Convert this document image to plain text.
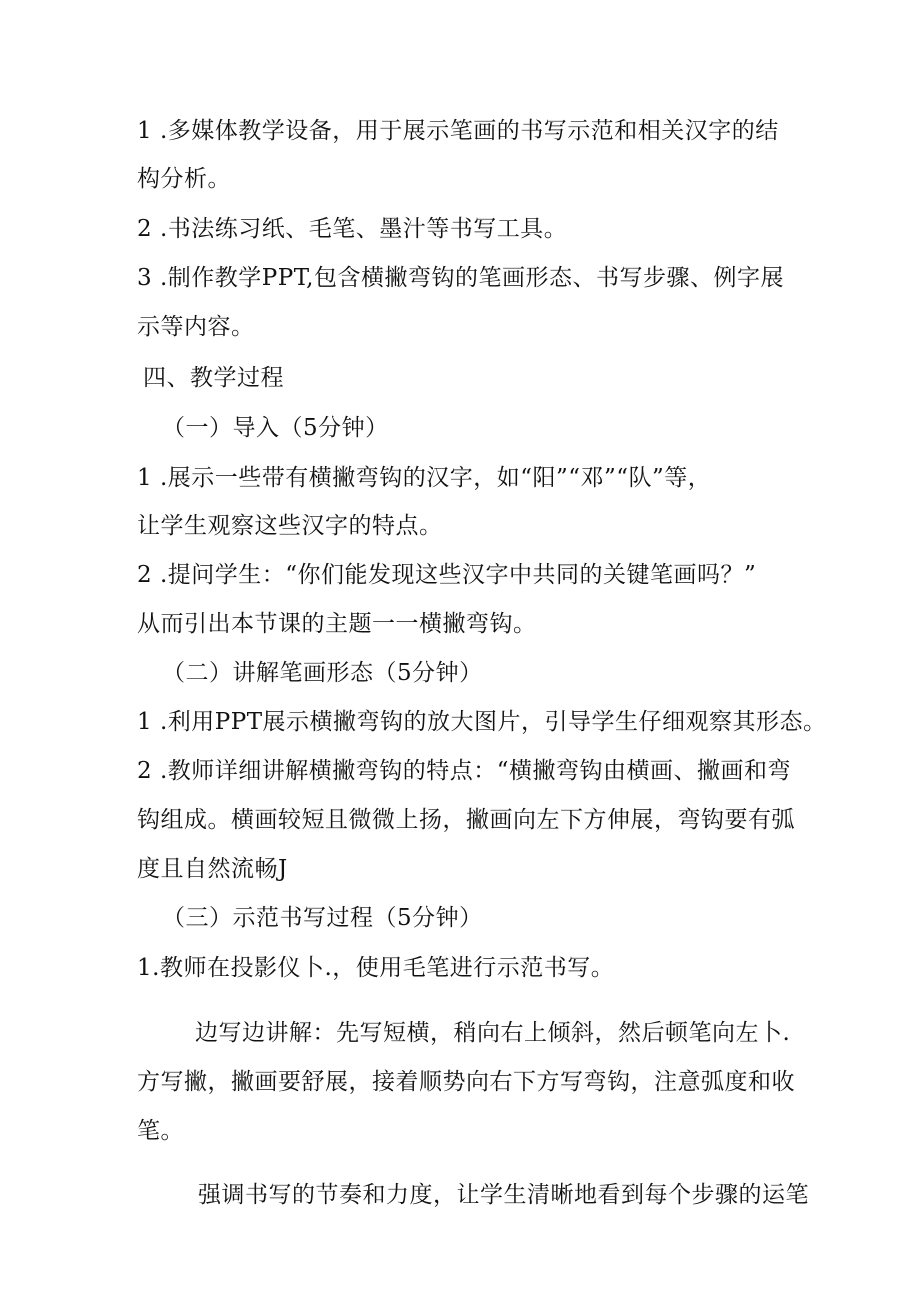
1 .多媒体教学设备，用于展示笔画的书写示范和相关汉字的结
构分析。
2 .书法练习纸、毛笔、墨汁等书写工具。
3 .制作教学PPT,包含横撇弯钩的笔画形态、书写步骤、例字展
示等内容。
四、教学过程
（一）导入（5分钟）
1 .展示一些带有横撇弯钩的汉字，如“阳”“邓”“队”等，
让学生观察这些汉字的特点。
2 .提问学生：“你们能发现这些汉字中共同的关键笔画吗？”
从而引出本节课的主题一一横撇弯钩。
（二）讲解笔画形态（5分钟）
1 .利用PPT展示横撇弯钩的放大图片，引导学生仔细观察其形态。
2 .教师详细讲解横撇弯钩的特点：“横撇弯钩由横画、撇画和弯
钩组成。横画较短且微微上扬，撇画向左下方伸展，弯钩要有弧
度且自然流畅J
（三）示范书写过程（5分钟）
1.教师在投影仪卜.，使用毛笔进行示范书写。
边写边讲解：先写短横，稍向右上倾斜，然后顿笔向左卜.
方写撇，撇画要舒展，接着顺势向右下方写弯钩，注意弧度和收
笔。
强调书写的节奏和力度，让学生清晰地看到每个步骤的运笔
